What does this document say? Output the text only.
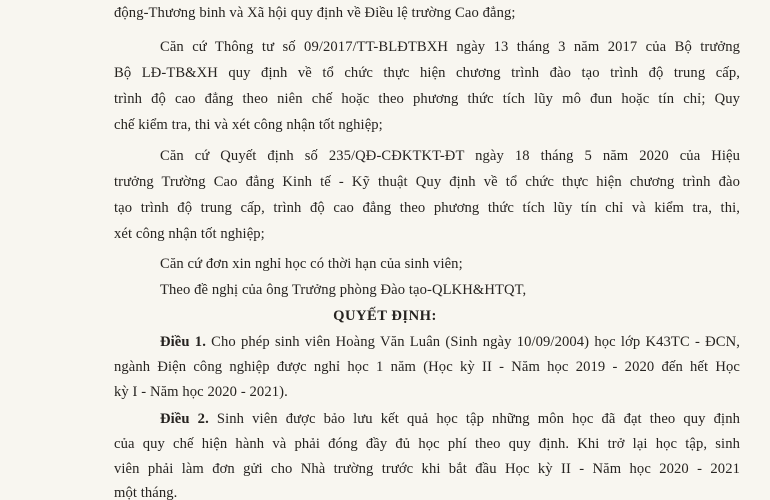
động-Thương binh và Xã hội quy định về Điều lệ trường Cao đẳng;
Căn cứ Thông tư số 09/2017/TT-BLĐTBXH ngày 13 tháng 3 năm 2017 của Bộ trưởng
Bộ LĐ-TB&XH quy định về tổ chức thực hiện chương trình đào tạo trình độ trung cấp,
trình độ cao đẳng theo niên chế hoặc theo phương thức tích lũy mô đun hoặc tín chỉ; Quy
chế kiểm tra, thi và xét công nhận tốt nghiệp;
Căn cứ Quyết định số 235/QĐ-CĐKTKT-ĐT ngày 18 tháng 5 năm 2020 của Hiệu
trưởng Trường Cao đẳng Kinh tế - Kỹ thuật Quy định về tổ chức thực hiện chương trình đào
tạo trình độ trung cấp, trình độ cao đẳng theo phương thức tích lũy tín chỉ và kiểm tra, thi,
xét công nhận tốt nghiệp;
Căn cứ đơn xin nghỉ học có thời hạn của sinh viên;
Theo đề nghị của ông Trưởng phòng Đào tạo-QLKH&HTQT,
QUYẾT ĐỊNH:
Điều 1. Cho phép sinh viên Hoàng Văn Luân (Sinh ngày 10/09/2004) học lớp K43TC - ĐCN,
ngành Điện công nghiệp được nghỉ học 1 năm (Học kỳ II - Năm học 2019 - 2020 đến hết Học
kỳ I - Năm học 2020 - 2021).
Điều 2. Sinh viên được bảo lưu kết quả học tập những môn học đã đạt theo quy định
của quy chế hiện hành và phải đóng đầy đủ học phí theo quy định. Khi trở lại học tập, sinh
viên phải làm đơn gửi cho Nhà trường trước khi bắt đầu Học kỳ II - Năm học 2020 - 2021
một tháng.
